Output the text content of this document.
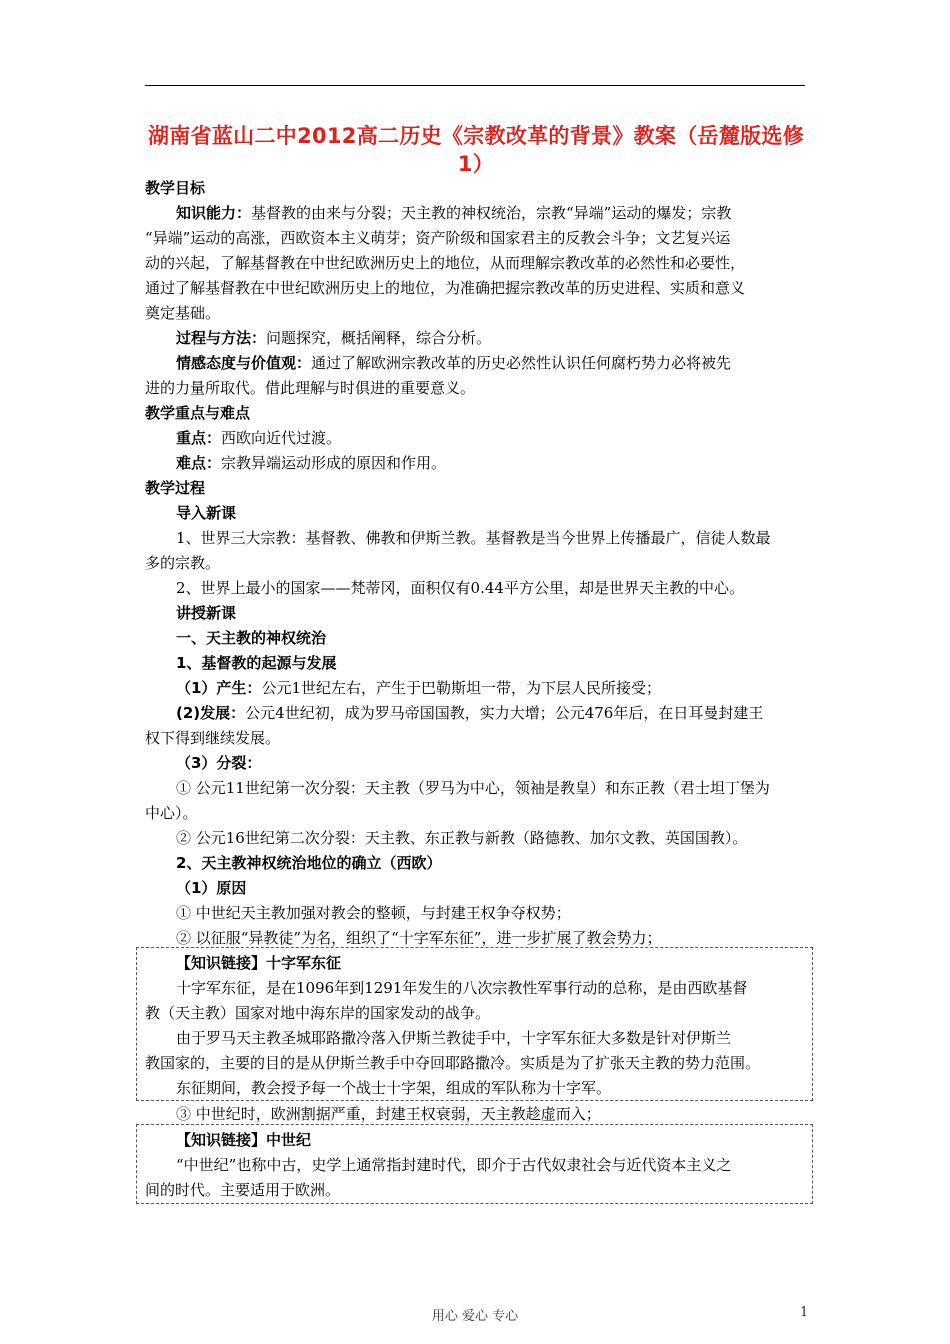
湖南省蓝山二中2012高二历史《宗教改革的背景》教案（岳麓版选修1）
教学目标
知识能力：基督教的由来与分裂；天主教的神权统治，宗教“异端”运动的爆发；宗教
“异端”运动的高涨，西欧资本主义萌芽；资产阶级和国家君主的反教会斗争；文艺复兴运
动的兴起，了解基督教在中世纪欧洲历史上的地位，从而理解宗教改革的必然性和必要性，
通过了解基督教在中世纪欧洲历史上的地位，为准确把握宗教改革的历史进程、实质和意义
奠定基础。
过程与方法：问题探究，概括阐释，综合分析。
情感态度与价值观：通过了解欧洲宗教改革的历史必然性认识任何腐朽势力必将被先
进的力量所取代。借此理解与时俱进的重要意义。
教学重点与难点
重点：西欧向近代过渡。
难点：宗教异端运动形成的原因和作用。
教学过程
导入新课
1、世界三大宗教：基督教、佛教和伊斯兰教。基督教是当今世界上传播最广，信徒人数最
多的宗教。
2、世界上最小的国家——梵蒂冈，面积仅有0.44平方公里，却是世界天主教的中心。
讲授新课
一、天主教的神权统治
1、基督教的起源与发展
（1）产生：公元1世纪左右，产生于巴勒斯坦一带，为下层人民所接受；
(2)发展：公元4世纪初，成为罗马帝国国教，实力大增；公元476年后，在日耳曼封建王
权下得到继续发展。
（3）分裂：
① 公元11世纪第一次分裂：天主教（罗马为中心，领袖是教皇）和东正教（君士坦丁堡为
中心）。
② 公元16世纪第二次分裂：天主教、东正教与新教（路德教、加尔文教、英国国教）。
2、天主教神权统治地位的确立（西欧）
（1）原因
① 中世纪天主教加强对教会的整顿，与封建王权争夺权势；
② 以征服“异教徒”为名，组织了“十字军东征”，进一步扩展了教会势力；
【知识链接】十字军东征
十字军东征，是在1096年到1291年发生的八次宗教性军事行动的总称，是由西欧基督
教（天主教）国家对地中海东岸的国家发动的战争。
由于罗马天主教圣城耶路撒冷落入伊斯兰教徒手中，十字军东征大多数是针对伊斯兰
教国家的，主要的目的是从伊斯兰教手中夺回耶路撒冷。实质是为了扩张天主教的势力范围。
东征期间，教会授予每一个战士十字架，组成的军队称为十字军。
③ 中世纪时，欧洲割据严重，封建王权衰弱，天主教趁虚而入；
【知识链接】中世纪
“中世纪”也称中古，史学上通常指封建时代，即介于古代奴隶社会与近代资本主义之
间的时代。主要适用于欧洲。
用心 爱心 专心	1
